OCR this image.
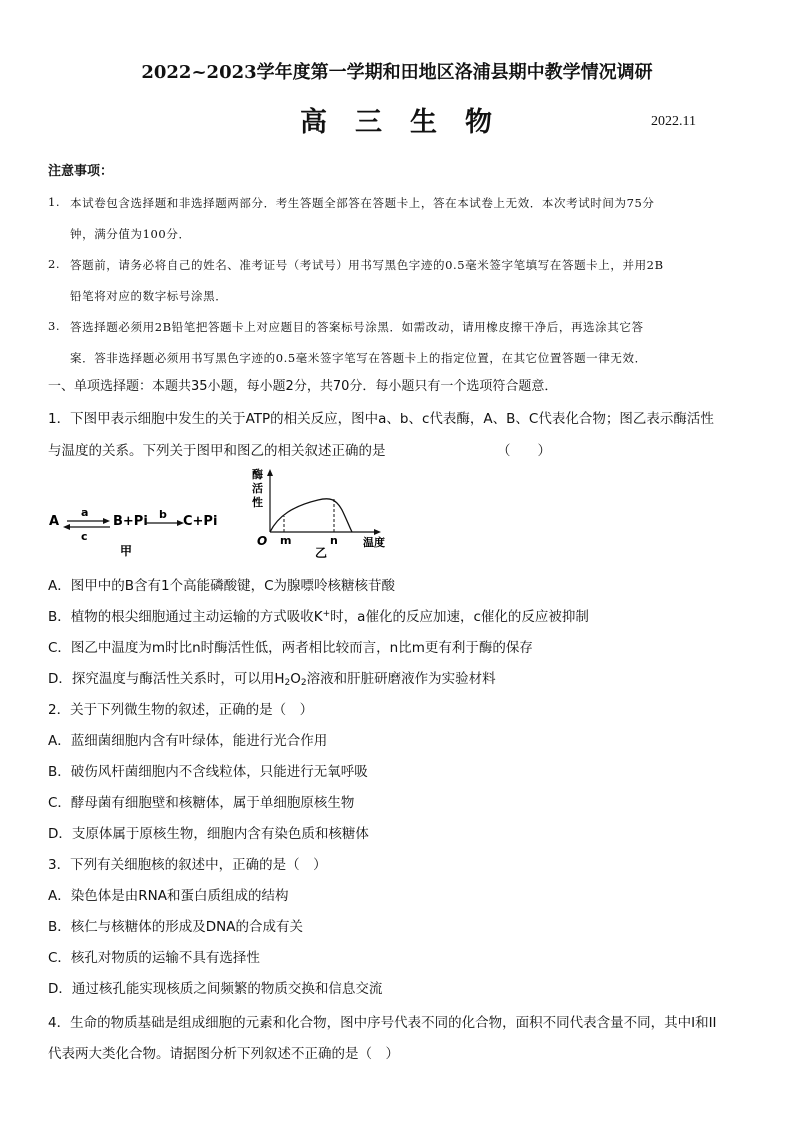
2022~2023学年度第一学期和田地区洛浦县期中教学情况调研
高三生物	2022.11
注意事项：
1. 本试卷包含选择题和非选择题两部分．考生答题全部答在答题卡上，答在本试卷上无效．本次考试时间为75分
钟，满分值为100分．
2. 答题前，请务必将自己的姓名、准考证号（考试号）用书写黑色字迹的0.5毫米签字笔填写在答题卡上，并用2B
铅笔将对应的数字标号涂黑．
3. 答选择题必须用2B铅笔把答题卡上对应题目的答案标号涂黑．如需改动，请用橡皮擦干净后，再选涂其它答
案．答非选择题必须用书写黑色字迹的0.5毫米签字笔写在答题卡上的指定位置，在其它位置答题一律无效．
一、单项选择题：本题共35小题，每小题2分，共70分．每小题只有一个选项符合题意．
1．下图甲表示细胞中发生的关于ATP的相关反应，图中a、b、c代表酶，A、B、C代表化合物；图乙表示酶活性
与温度的关系。下列关于图甲和图乙的相关叙述正确的是	（　　）
A
a
c
B+Pi b C+Pi
甲
酶
活
性
O m	n 温度
乙
A．图甲中的B含有1个高能磷酸键，C为腺嘌呤核糖核苷酸
B．植物的根尖细胞通过主动运输的方式吸收K+时，a催化的反应加速，c催化的反应被抑制
C．图乙中温度为m时比n时酶活性低，两者相比较而言，n比m更有利于酶的保存
D．探究温度与酶活性关系时，可以用$H_2O_2$溶液和肝脏研磨液作为实验材料
2．关于下列微生物的叙述，正确的是（　）
A．蓝细菌细胞内含有叶绿体，能进行光合作用
B．破伤风杆菌细胞内不含线粒体，只能进行无氧呼吸
C．酵母菌有细胞壁和核糖体，属于单细胞原核生物
D．支原体属于原核生物，细胞内含有染色质和核糖体
3．下列有关细胞核的叙述中，正确的是（　）
A．染色体是由RNA和蛋白质组成的结构
B．核仁与核糖体的形成及DNA的合成有关
C．核孔对物质的运输不具有选择性
D．通过核孔能实现核质之间频繁的物质交换和信息交流
4．生命的物质基础是组成细胞的元素和化合物，图中序号代表不同的化合物，面积不同代表含量不同，其中I和II
代表两大类化合物。请据图分析下列叙述不正确的是（　）
